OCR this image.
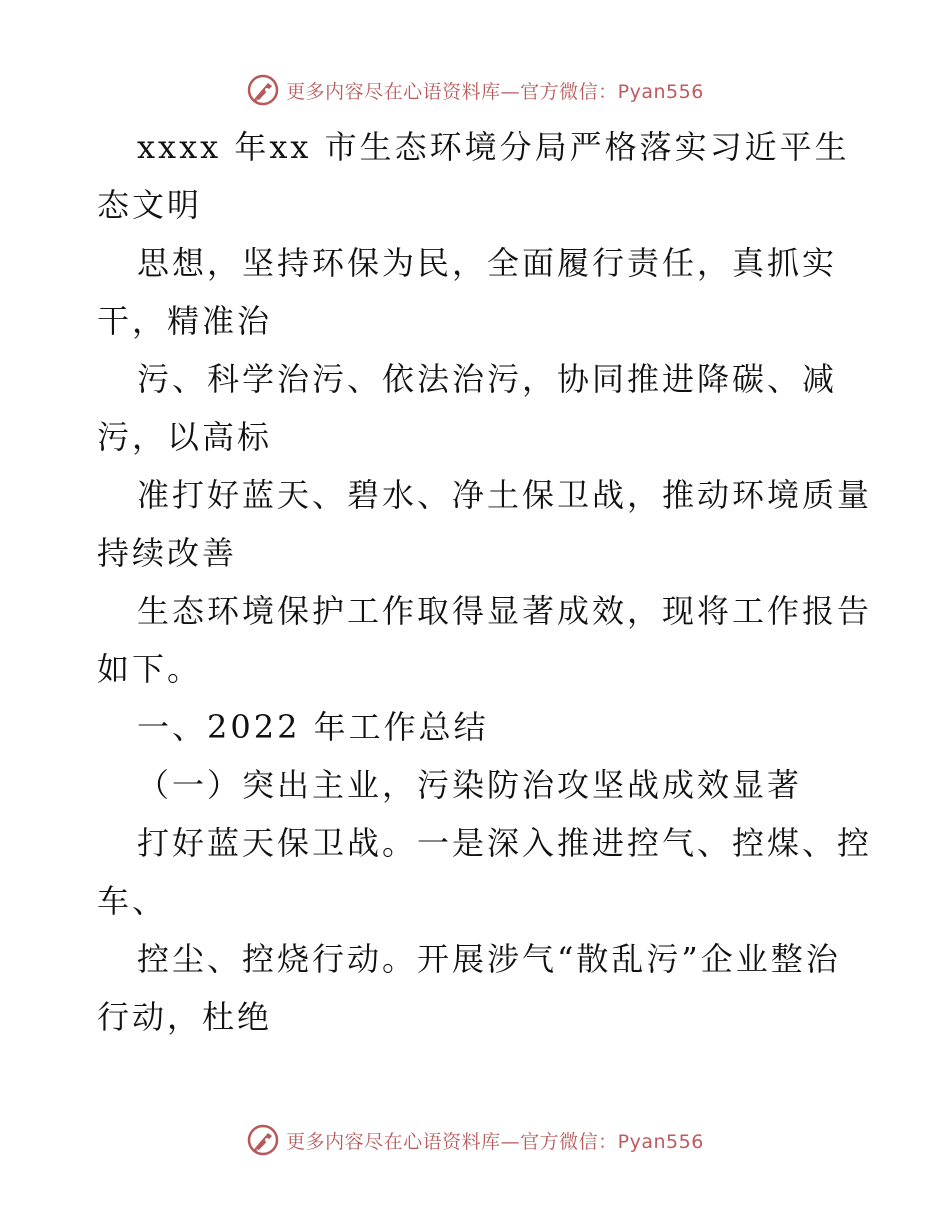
更多内容尽在心语资料库—官方微信：Pyan556
xxxx 年xx 市生态环境分局严格落实习近平生
态文明
思想，坚持环保为民，全面履行责任，真抓实
干，精准治
污、科学治污、依法治污，协同推进降碳、减
污，以高标
准打好蓝天、碧水、净土保卫战，推动环境质量
持续改善
生态环境保护工作取得显著成效，现将工作报告
如下。
一、2022 年工作总结
（一）突出主业，污染防治攻坚战成效显著
打好蓝天保卫战。一是深入推进控气、控煤、控
车、
控尘、控烧行动。开展涉气“散乱污”企业整治
行动，杜绝
更多内容尽在心语资料库—官方微信：Pyan556
